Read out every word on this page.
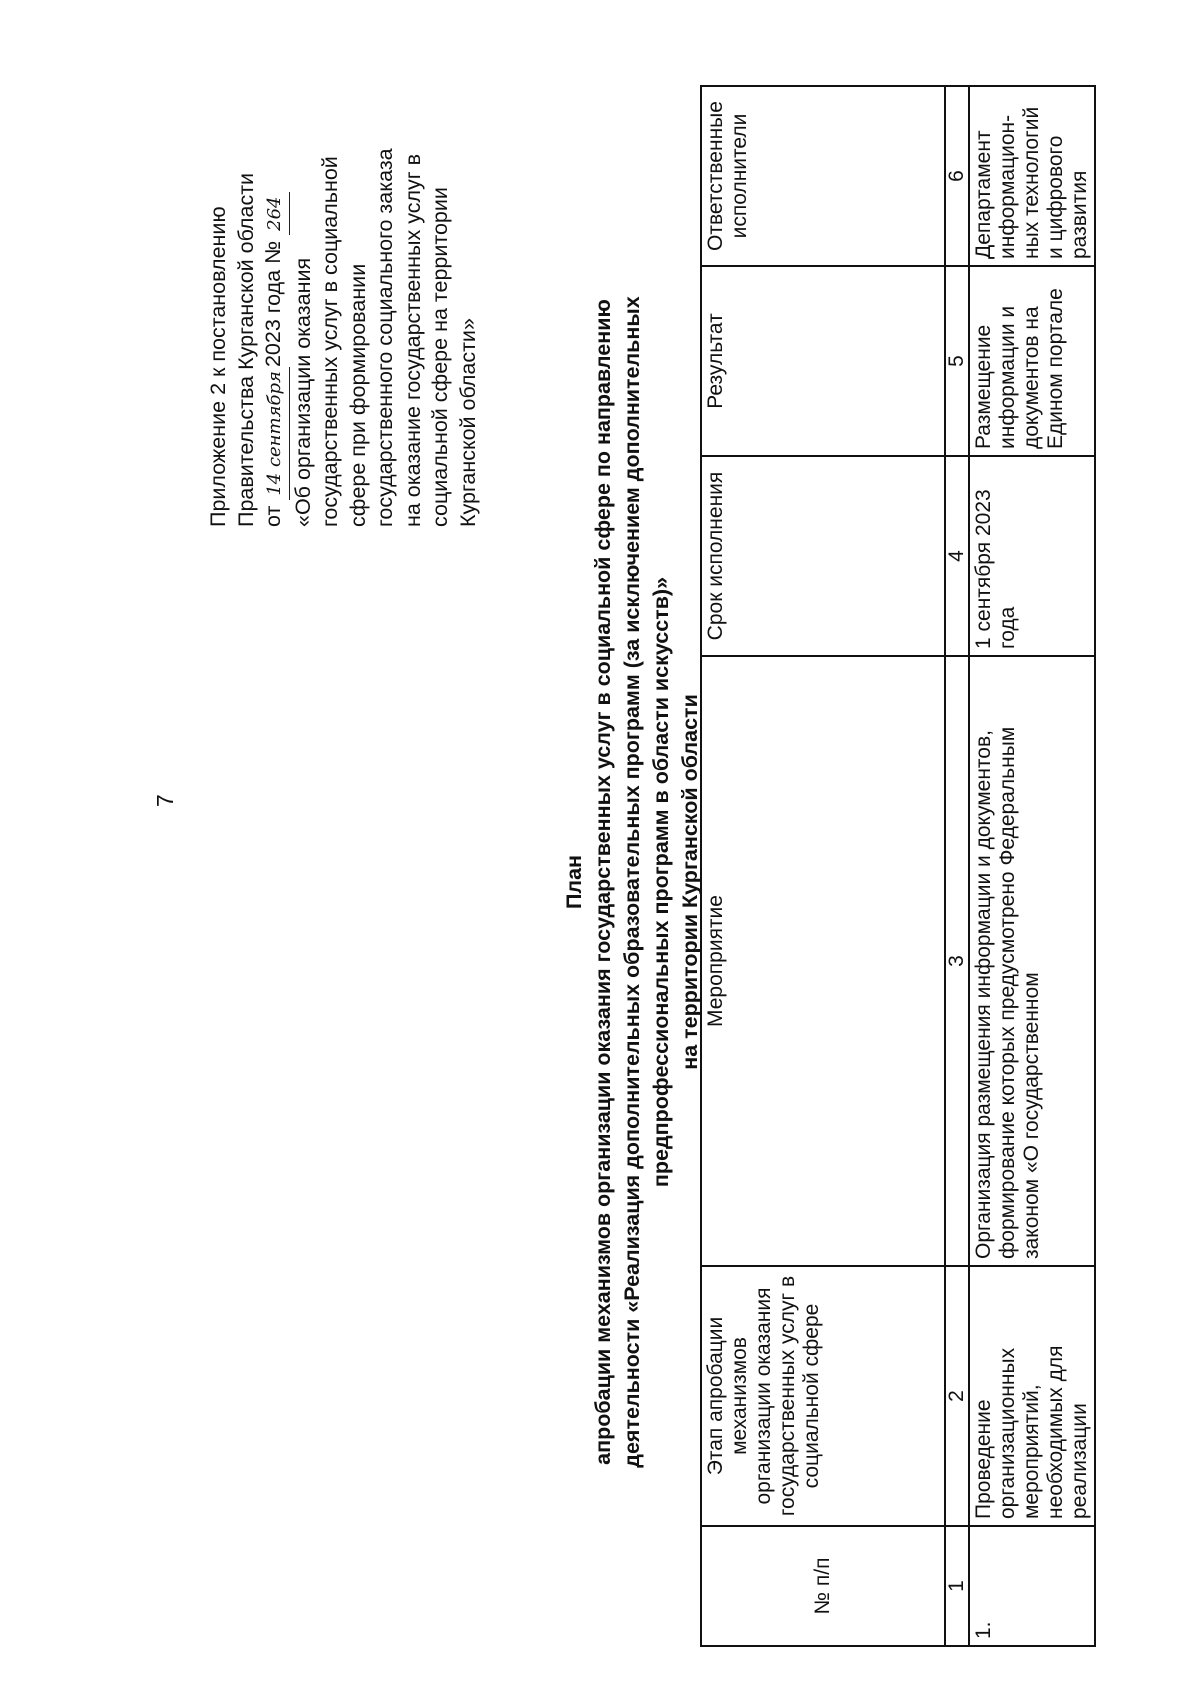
7
Приложение 2 к постановлению Правительства Курганской области от 14 сентября2023 года № 264
«Об организации оказания государственных услуг в социальной сфере при формировании государственного социального заказа на оказание государственных услуг в социальной сфере на территории Курганской области»
План апробации механизмов организации оказания государственных услуг в социальной сфере по направлению деятельности «Реализация дополнительных образовательных программ (за исключением дополнительных предпрофессиональных программ в области искусств)» на территории Курганской области
№ п/п	Этап апробации механизмов организации оказания государственных услуг в социальной сфере	Мероприятие	Срок исполнения	Результат	Ответственные исполнители
1	2	3	4	5	6
1.	Проведение организационных мероприятий, необходимых для реализации	Организация размещения информации и документов, формирование которых предусмотрено Федеральным законом «О государственном	1 сентября 2023 года	Размещение информации и документов на Едином портале	Департамент информацион-ных технологий и цифрового развития
